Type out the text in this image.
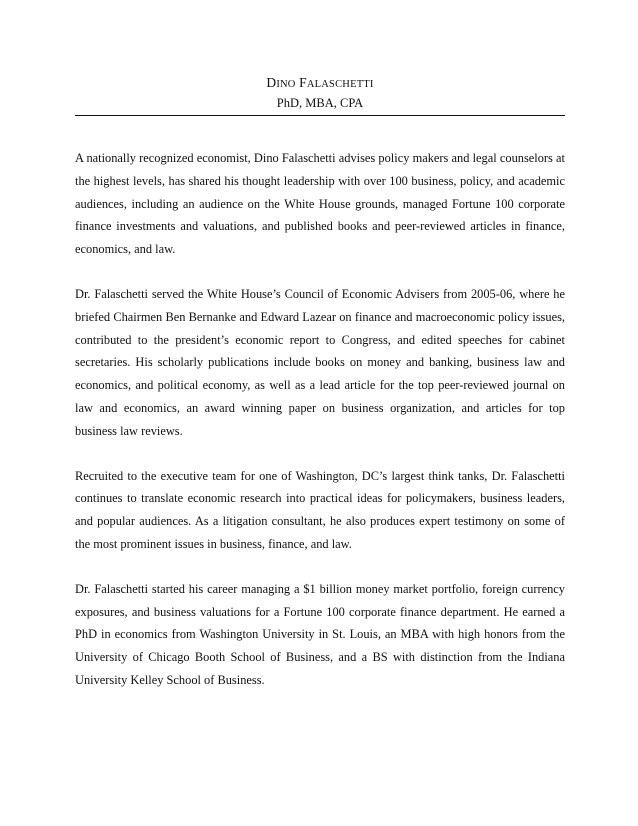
DINO FALASCHETTI

PhD, MBA, CPA

A nationally recognized economist, Dino Falaschetti advises policy makers and legal counselors at the highest levels, has shared his thought leadership with over 100 business, policy, and academic audiences, including an audience on the White House grounds, managed Fortune 100 corporate finance investments and valuations, and published books and peer-reviewed articles in finance, economics, and law.

Dr. Falaschetti served the White House’s Council of Economic Advisers from 2005-06, where he briefed Chairmen Ben Bernanke and Edward Lazear on finance and macroeconomic policy issues, contributed to the president’s economic report to Congress, and edited speeches for cabinet secretaries. His scholarly publications include books on money and banking, business law and economics, and political economy, as well as a lead article for the top peer-reviewed journal on law and economics, an award winning paper on business organization, and articles for top business law reviews.

Recruited to the executive team for one of Washington, DC’s largest think tanks, Dr. Falaschetti continues to translate economic research into practical ideas for policymakers, business leaders, and popular audiences. As a litigation consultant, he also produces expert testimony on some of the most prominent issues in business, finance, and law.

Dr. Falaschetti started his career managing a $1 billion money market portfolio, foreign currency exposures, and business valuations for a Fortune 100 corporate finance department. He earned a PhD in economics from Washington University in St. Louis, an MBA with high honors from the University of Chicago Booth School of Business, and a BS with distinction from the Indiana University Kelley School of Business.
